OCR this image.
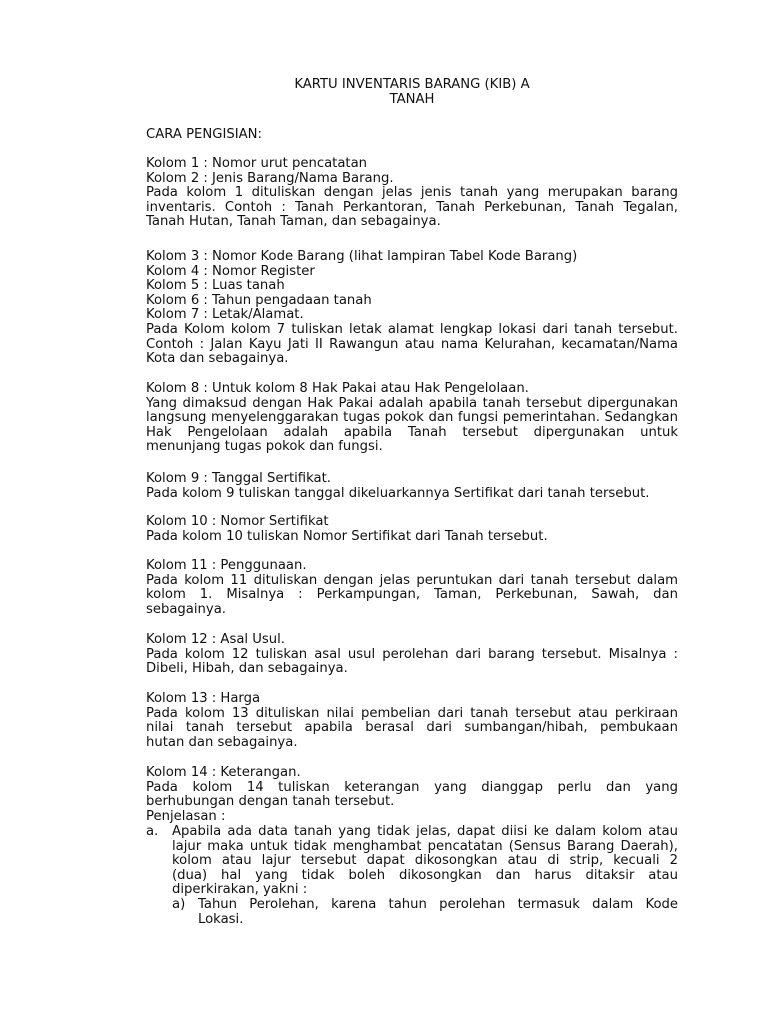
KARTU INVENTARIS BARANG (KIB) A

TANAH

CARA PENGISIAN:

Kolom 1 : Nomor urut pencatatan

Kolom 2 : Jenis Barang/Nama Barang.

Pada kolom 1 dituliskan dengan jelas jenis tanah yang merupakan barang

inventaris. Contoh : Tanah Perkantoran, Tanah Perkebunan, Tanah Tegalan,

Tanah Hutan, Tanah Taman, dan sebagainya.

Kolom 3 : Nomor Kode Barang (lihat lampiran Tabel Kode Barang)

Kolom 4 : Nomor Register

Kolom 5 : Luas tanah

Kolom 6 : Tahun pengadaan tanah

Kolom 7 : Letak/Alamat.

Pada Kolom kolom 7 tuliskan letak alamat lengkap lokasi dari tanah tersebut.

Contoh : Jalan Kayu Jati II Rawangun atau nama Kelurahan, kecamatan/Nama

Kota dan sebagainya.

Kolom 8 : Untuk kolom 8 Hak Pakai atau Hak Pengelolaan.

Yang dimaksud dengan Hak Pakai adalah apabila tanah tersebut dipergunakan

langsung menyelenggarakan tugas pokok dan fungsi pemerintahan. Sedangkan

Hak Pengelolaan adalah apabila Tanah tersebut dipergunakan untuk

menunjang tugas pokok dan fungsi.

Kolom 9 : Tanggal Sertifikat.

Pada kolom 9 tuliskan tanggal dikeluarkannya Sertifikat dari tanah tersebut.

Kolom 10 : Nomor Sertifikat

Pada kolom 10 tuliskan Nomor Sertifikat dari Tanah tersebut.

Kolom 11 : Penggunaan.

Pada kolom 11 dituliskan dengan jelas peruntukan dari tanah tersebut dalam

kolom 1. Misalnya : Perkampungan, Taman, Perkebunan, Sawah, dan

sebagainya.

Kolom 12 : Asal Usul.

Pada kolom 12 tuliskan asal usul perolehan dari barang tersebut. Misalnya :

Dibeli, Hibah, dan sebagainya.

Kolom 13 : Harga

Pada kolom 13 dituliskan nilai pembelian dari tanah tersebut atau perkiraan

nilai tanah tersebut apabila berasal dari sumbangan/hibah, pembukaan

hutan dan sebagainya.

Kolom 14 : Keterangan.

Pada kolom 14 tuliskan keterangan yang dianggap perlu dan yang

berhubungan dengan tanah tersebut.

Penjelasan :

a. Apabila ada data tanah yang tidak jelas, dapat diisi ke dalam kolom atau

lajur maka untuk tidak menghambat pencatatan (Sensus Barang Daerah),

kolom atau lajur tersebut dapat dikosongkan atau di strip, kecuali 2

(dua) hal yang tidak boleh dikosongkan dan harus ditaksir atau

diperkirakan, yakni :

a) Tahun Perolehan, karena tahun perolehan termasuk dalam Kode

Lokasi.
